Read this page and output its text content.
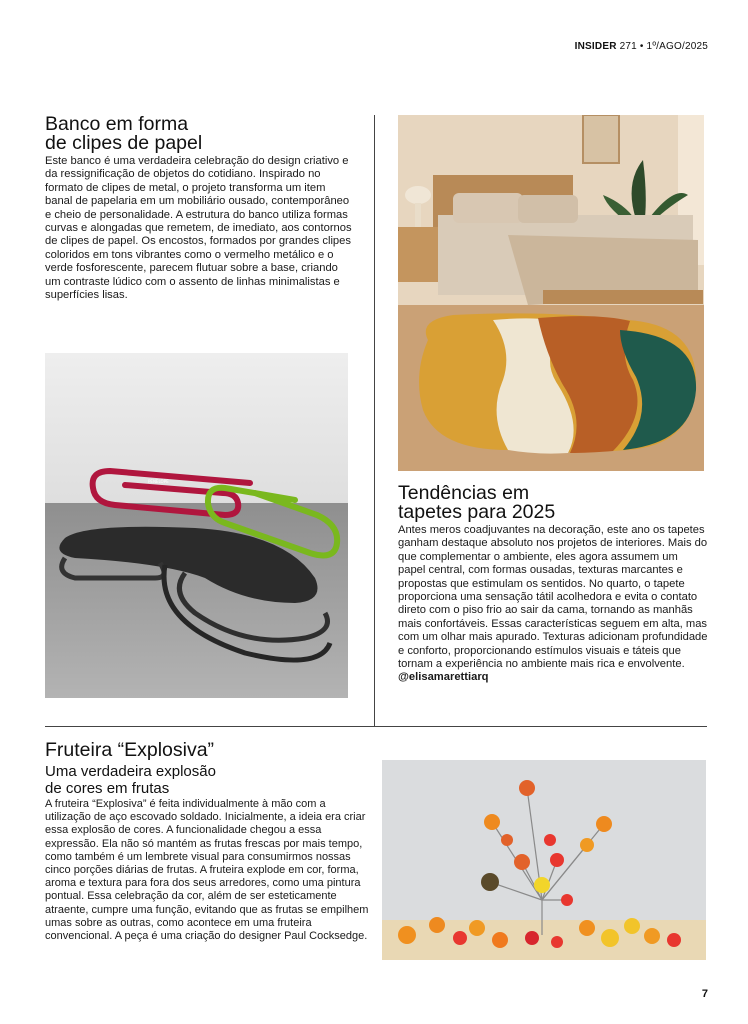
INSIDER 271 • 1º/AGO/2025
Banco em forma
de clipes de papel

Este banco é uma verdadeira celebração do design criativo e da ressignificação de objetos do cotidiano. Inspirado no formato de clipes de metal, o projeto transforma um item banal de papelaria em um mobiliário ousado, contemporâneo e cheio de personalidade. A estrutura do banco utiliza formas curvas e alongadas que remetem, de imediato, aos contornos de clipes de papel. Os encostos, formados por grandes clipes coloridos em tons vibrantes como o vermelho metálico e o verde fosforescente, parecem flutuar sobre a base, criando um contraste lúdico com o assento de linhas minimalistas e superfícies lisas.

PENELOPE
Tendências em
tapetes para 2025

Antes meros coadjuvantes na decoração, este ano os tapetes ganham destaque absoluto nos projetos de interiores. Mais do que complementar o ambiente, eles agora assumem um papel central, com formas ousadas, texturas marcantes e propostas que estimulam os sentidos. No quarto, o tapete proporciona uma sensação tátil acolhedora e evita o contato direto com o piso frio ao sair da cama, tornando as manhãs mais confortáveis. Essas características seguem em alta, mas com um olhar mais apurado. Texturas adicionam profundidade e conforto, proporcionando estímulos visuais e táteis que tornam a experiência no ambiente mais rica e envolvente. @elisamarettiarq

Fruteira “Explosiva”
Uma verdadeira explosão
de cores em frutas

A fruteira “Explosiva” é feita individualmente à mão com a utilização de aço escovado soldado. Inicialmente, a ideia era criar essa explosão de cores. A funcionalidade chegou a essa expressão. Ela não só mantém as frutas frescas por mais tempo, como também é um lembrete visual para consumirmos nossas cinco porções diárias de frutas. A fruteira explode em cor, forma, aroma e textura para fora dos seus arredores, como uma pintura pontual. Essa celebração da cor, além de ser esteticamente atraente, cumpre uma função, evitando que as frutas se empilhem umas sobre as outras, como acontece em uma fruteira convencional. A peça é uma criação do designer Paul Cocksedge.

7
